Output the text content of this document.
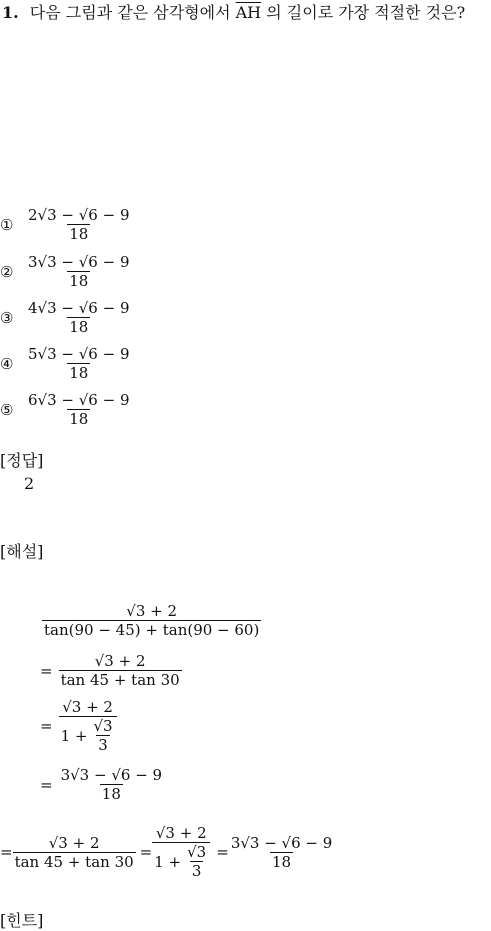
1. 다음 그림과 같은 삼각형에서 $\overline{AH}$ 의 길이로 가장 적절한 것은?
① $\frac{2√3 - √6 - 9}{18}$
② $\frac{3√3 - √6 - 9}{18}$
③ $\frac{4√3 - √6 - 9}{18}$
④ $\frac{5√3 - √6 - 9}{18}$
⑤ $\frac{6√3 - √6 - 9}{18}$
[정답]
2
[해설]
$\frac{√3 + 2}{\tan(90 - 45) + \tan(90 - 60)}$
= $\frac{√3 + 2}{\tan 45 + \tan 30}$
= $\frac{√3 + 2}{1 + \frac{√3}{3}}$
= $\frac{3√3 - √6 - 9}{18}$
= $\frac{√3 + 2}{\tan 45 + \tan 30} = \frac{√3 + 2}{1 + \frac{√3}{3}} = \frac{3√3 - √6 - 9}{18}$
[힌트]
